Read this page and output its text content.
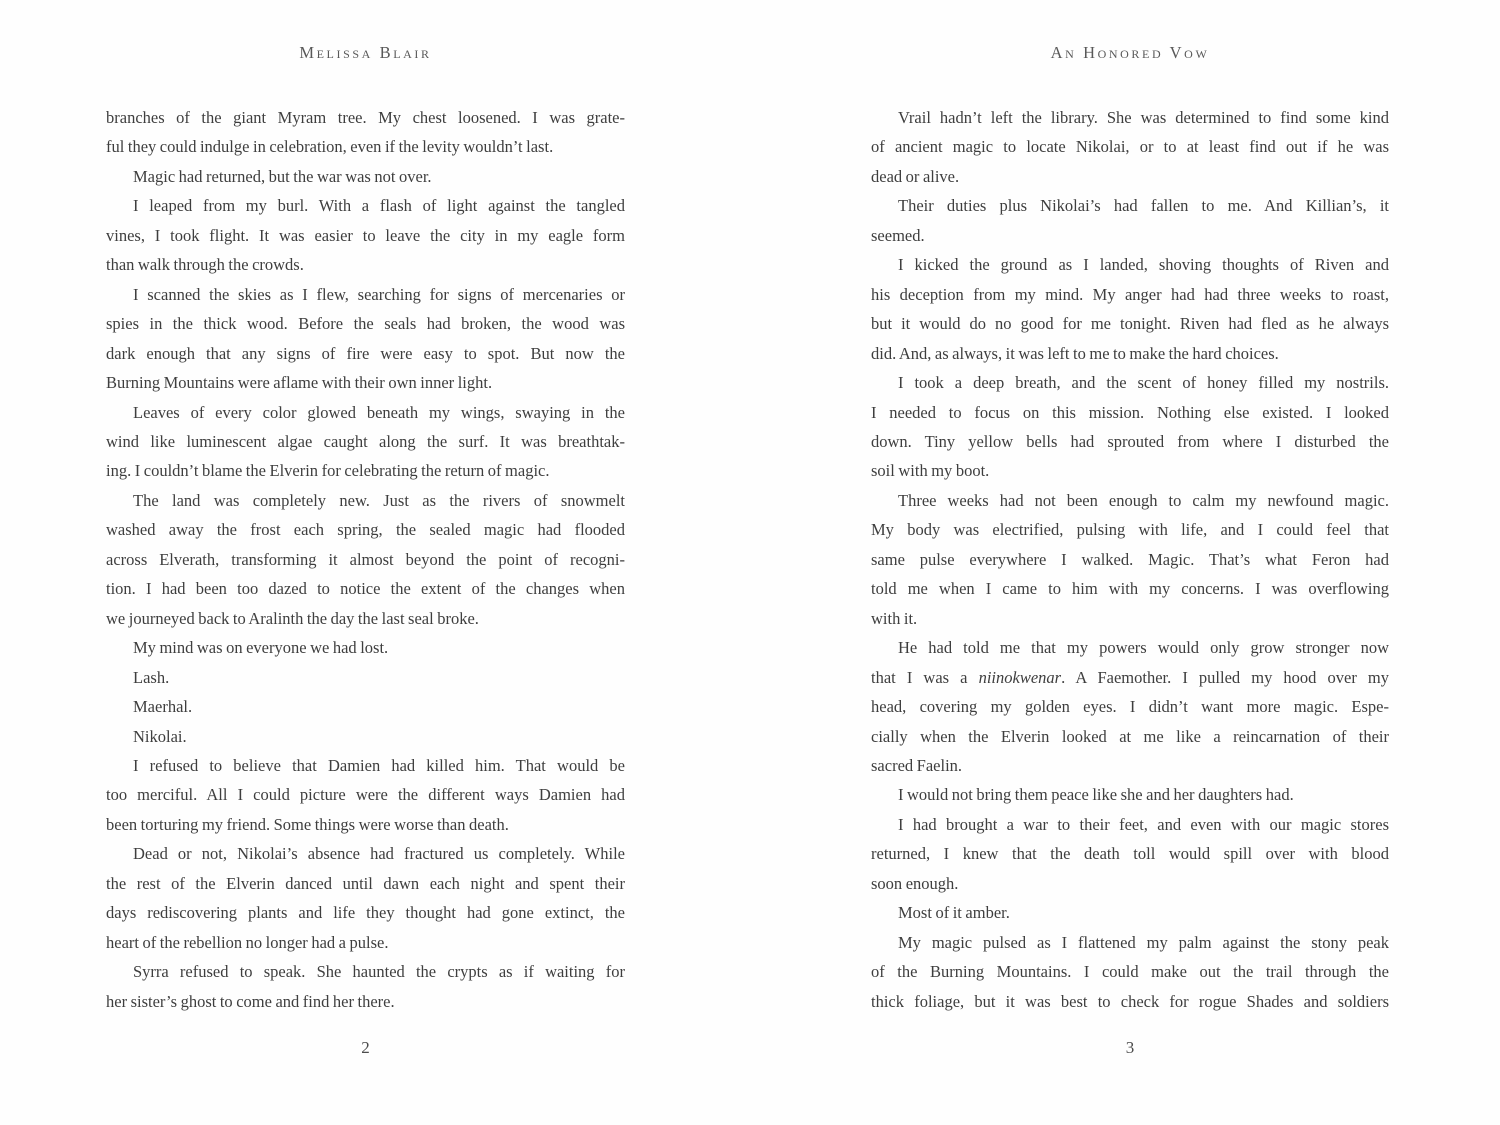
Melissa Blair
branches of the giant Myram tree. My chest loosened. I was grate-
ful they could indulge in celebration, even if the levity wouldn’t last.
Magic had returned, but the war was not over.
I leaped from my burl. With a flash of light against the tangled
vines, I took flight. It was easier to leave the city in my eagle form
than walk through the crowds.
I scanned the skies as I flew, searching for signs of mercenaries or
spies in the thick wood. Before the seals had broken, the wood was
dark enough that any signs of fire were easy to spot. But now the
Burning Mountains were aflame with their own inner light.
Leaves of every color glowed beneath my wings, swaying in the
wind like luminescent algae caught along the surf. It was breathtak-
ing. I couldn’t blame the Elverin for celebrating the return of magic.
The land was completely new. Just as the rivers of snowmelt
washed away the frost each spring, the sealed magic had flooded
across Elverath, transforming it almost beyond the point of recogni-
tion. I had been too dazed to notice the extent of the changes when
we journeyed back to Aralinth the day the last seal broke.
My mind was on everyone we had lost.
Lash.
Maerhal.
Nikolai.
I refused to believe that Damien had killed him. That would be
too merciful. All I could picture were the different ways Damien had
been torturing my friend. Some things were worse than death.
Dead or not, Nikolai’s absence had fractured us completely. While
the rest of the Elverin danced until dawn each night and spent their
days rediscovering plants and life they thought had gone extinct, the
heart of the rebellion no longer had a pulse.
Syrra refused to speak. She haunted the crypts as if waiting for
her sister’s ghost to come and find her there.
2
An Honored Vow
Vrail hadn’t left the library. She was determined to find some kind
of ancient magic to locate Nikolai, or to at least find out if he was
dead or alive.
Their duties plus Nikolai’s had fallen to me. And Killian’s, it
seemed.
I kicked the ground as I landed, shoving thoughts of Riven and
his deception from my mind. My anger had had three weeks to roast,
but it would do no good for me tonight. Riven had fled as he always
did. And, as always, it was left to me to make the hard choices.
I took a deep breath, and the scent of honey filled my nostrils.
I needed to focus on this mission. Nothing else existed. I looked
down. Tiny yellow bells had sprouted from where I disturbed the
soil with my boot.
Three weeks had not been enough to calm my newfound magic.
My body was electrified, pulsing with life, and I could feel that
same pulse everywhere I walked. Magic. That’s what Feron had
told me when I came to him with my concerns. I was overflowing
with it.
He had told me that my powers would only grow stronger now
that I was a niinokwenar. A Faemother. I pulled my hood over my
head, covering my golden eyes. I didn’t want more magic. Espe-
cially when the Elverin looked at me like a reincarnation of their
sacred Faelin.
I would not bring them peace like she and her daughters had.
I had brought a war to their feet, and even with our magic stores
returned, I knew that the death toll would spill over with blood
soon enough.
Most of it amber.
My magic pulsed as I flattened my palm against the stony peak
of the Burning Mountains. I could make out the trail through the
thick foliage, but it was best to check for rogue Shades and soldiers
3
